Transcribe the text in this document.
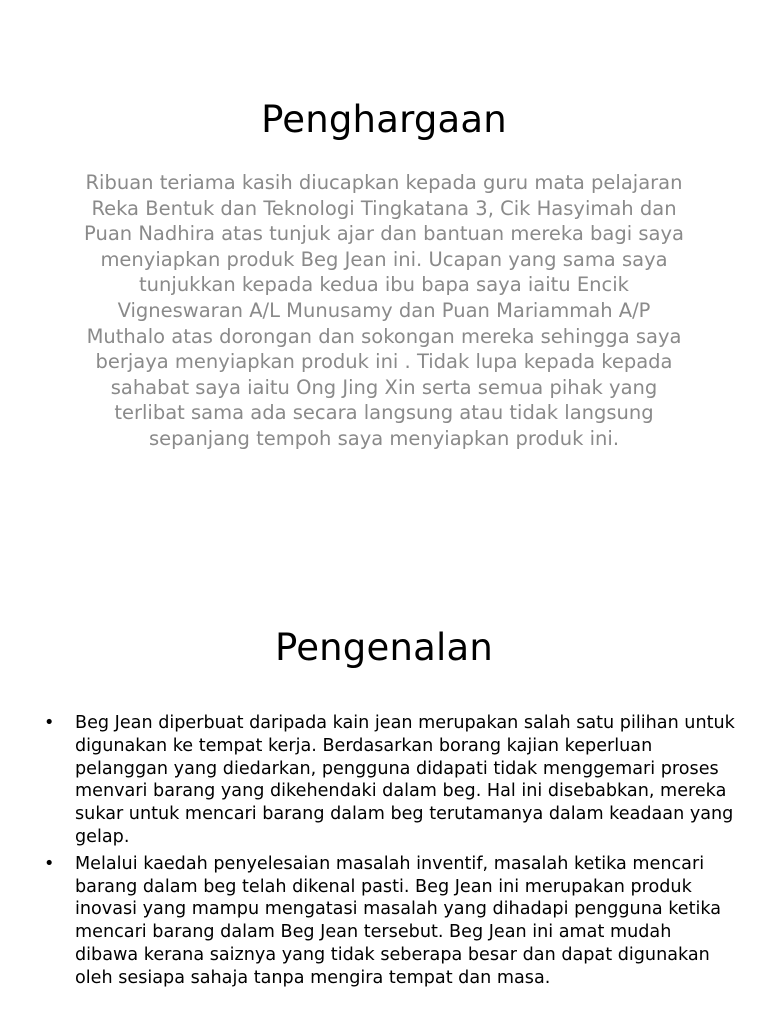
Penghargaan

Ribuan teriama kasih diucapkan kepada guru mata pelajaran Reka Bentuk dan Teknologi Tingkatana 3, Cik Hasyimah dan Puan Nadhira atas tunjuk ajar dan bantuan mereka bagi saya menyiapkan produk Beg Jean ini. Ucapan yang sama saya tunjukkan kepada kedua ibu bapa saya iaitu Encik Vigneswaran A/L Munusamy dan Puan Mariammah A/P Muthalo atas dorongan dan sokongan mereka sehingga saya berjaya menyiapkan produk ini . Tidak lupa kepada kepada sahabat saya iaitu Ong Jing Xin serta semua pihak yang terlibat sama ada secara langsung atau tidak langsung sepanjang tempoh saya menyiapkan produk ini.

Pengenalan
• Beg Jean diperbuat daripada kain jean merupakan salah satu pilihan untuk digunakan ke tempat kerja. Berdasarkan borang kajian keperluan pelanggan yang diedarkan, pengguna didapati tidak menggemari proses menvari barang yang dikehendaki dalam beg. Hal ini disebabkan, mereka sukar untuk mencari barang dalam beg terutamanya dalam keadaan yang gelap.
• Melalui kaedah penyelesaian masalah inventif, masalah ketika mencari barang dalam beg telah dikenal pasti. Beg Jean ini merupakan produk inovasi yang mampu mengatasi masalah yang dihadapi pengguna ketika mencari barang dalam Beg Jean tersebut. Beg Jean ini amat mudah dibawa kerana saiznya yang tidak seberapa besar dan dapat digunakan oleh sesiapa sahaja tanpa mengira tempat dan masa.
